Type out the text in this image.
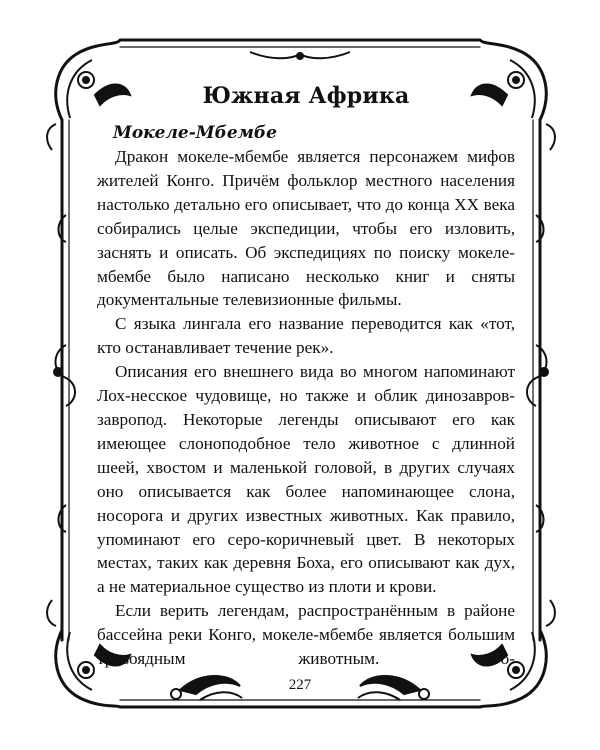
Южная Африка
Мокеле-Мбембе

Дракон мокеле-мбембе является персонажем мифов жителей Конго. Причём фольклор местного населения настолько детально его описывает, что до конца XX века собирались целые экспедиции, чтобы его изловить, заснять и описать. Об экспедициях по поиску мокеле-мбембе было написано несколько книг и сняты документальные телевизионные фильмы.

С языка лингала его название переводится как «тот, кто останавливает течение рек».

Описания его внешнего вида во многом напоминают Лох-несское чудовище, но также и облик динозавров-завропод. Некоторые легенды описывают его как имеющее слоноподобное тело животное с длинной шеей, хвостом и маленькой головой, в других случаях оно описывается как более напоминающее слона, носорога и других известных животных. Как правило, упоминают его серо-коричневый цвет. В некоторых местах, таких как деревня Боха, его описывают как дух, а не материальное существо из плоти и крови.

Если верить легендам, распространённым в районе бассейна реки Конго, мокеле-мбембе является большим травоядным животным. Го-

227
